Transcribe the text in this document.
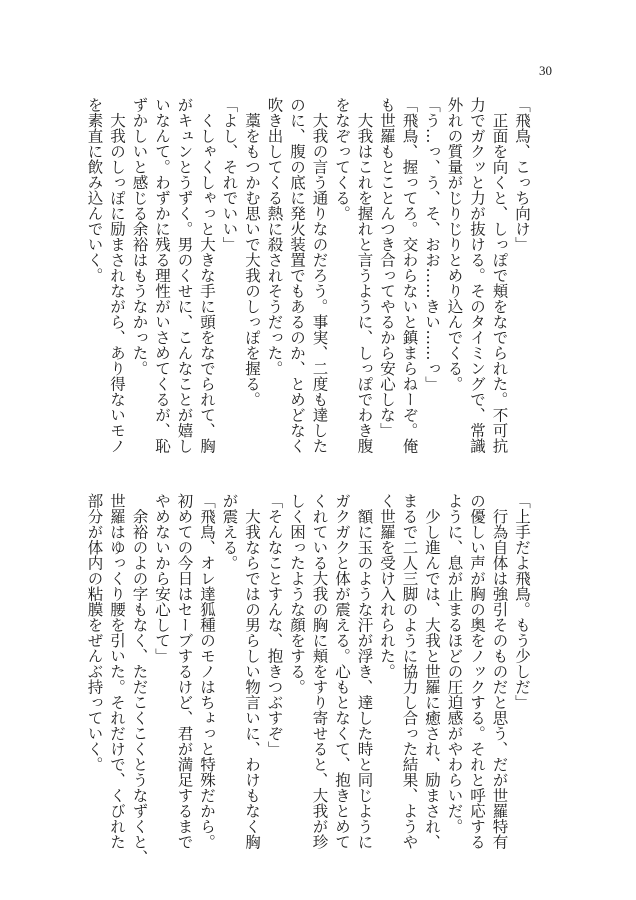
30
「飛鳥、こっち向け」
　正面を向くと、しっぽで頬をなでられた。不可抗
力でガクッと力が抜ける。そのタイミングで、常識
外れの質量がじりじりとめり込んでくる。
「う…っ、う、そ、おお……きい……っ」
「飛鳥、握ってろ。交わらないと鎮まらねーぞ。俺
も世羅もとことんつき合ってやるから安心しな」
　大我はこれを握れと言うように、しっぽでわき腹
をなぞってくる。
　大我の言う通りなのだろう。事実、二度も達した
のに、腹の底に発火装置でもあるのか、とめどなく
吹き出してくる熱に殺されそうだった。
　藁をもつかむ思いで大我のしっぽを握る。
「よし、それでいい」
　くしゃくしゃっと大きな手に頭をなでられて、胸
がキュンとうずく。男のくせに、こんなことが嬉し
いなんて。わずかに残る理性がいさめてくるが、恥
ずかしいと感じる余裕はもうなかった。
　大我のしっぽに励まされながら、あり得ないモノ
を素直に飲み込んでいく。
「上手だよ飛鳥。もう少しだ」
　行為自体は強引そのものだと思う、だが世羅特有
の優しい声が胸の奥をノックする。それと呼応する
ように、息が止まるほどの圧迫感がやわらいだ。
　少し進んでは、大我と世羅に癒され、励まされ、
まるで二人三脚のように協力し合った結果、ようや
く世羅を受け入れられた。
　額に玉のような汗が浮き、達した時と同じように
ガクガクと体が震える。心もとなくて、抱きとめて
くれている大我の胸に頬をすり寄せると、大我が珍
しく困ったような顔をする。
「そんなことすんな、抱きつぶすぞ」
　大我ならではの男らしい物言いに、わけもなく胸
が震える。
「飛鳥、オレ達狐種のモノはちょっと特殊だから。
初めての今日はセーブするけど、君が満足するまで
やめないから安心して」
　余裕のよの字もなく、ただこくこくとうなずくと、
世羅はゆっくり腰を引いた。それだけで、くびれた
部分が体内の粘膜をぜんぶ持っていく。
